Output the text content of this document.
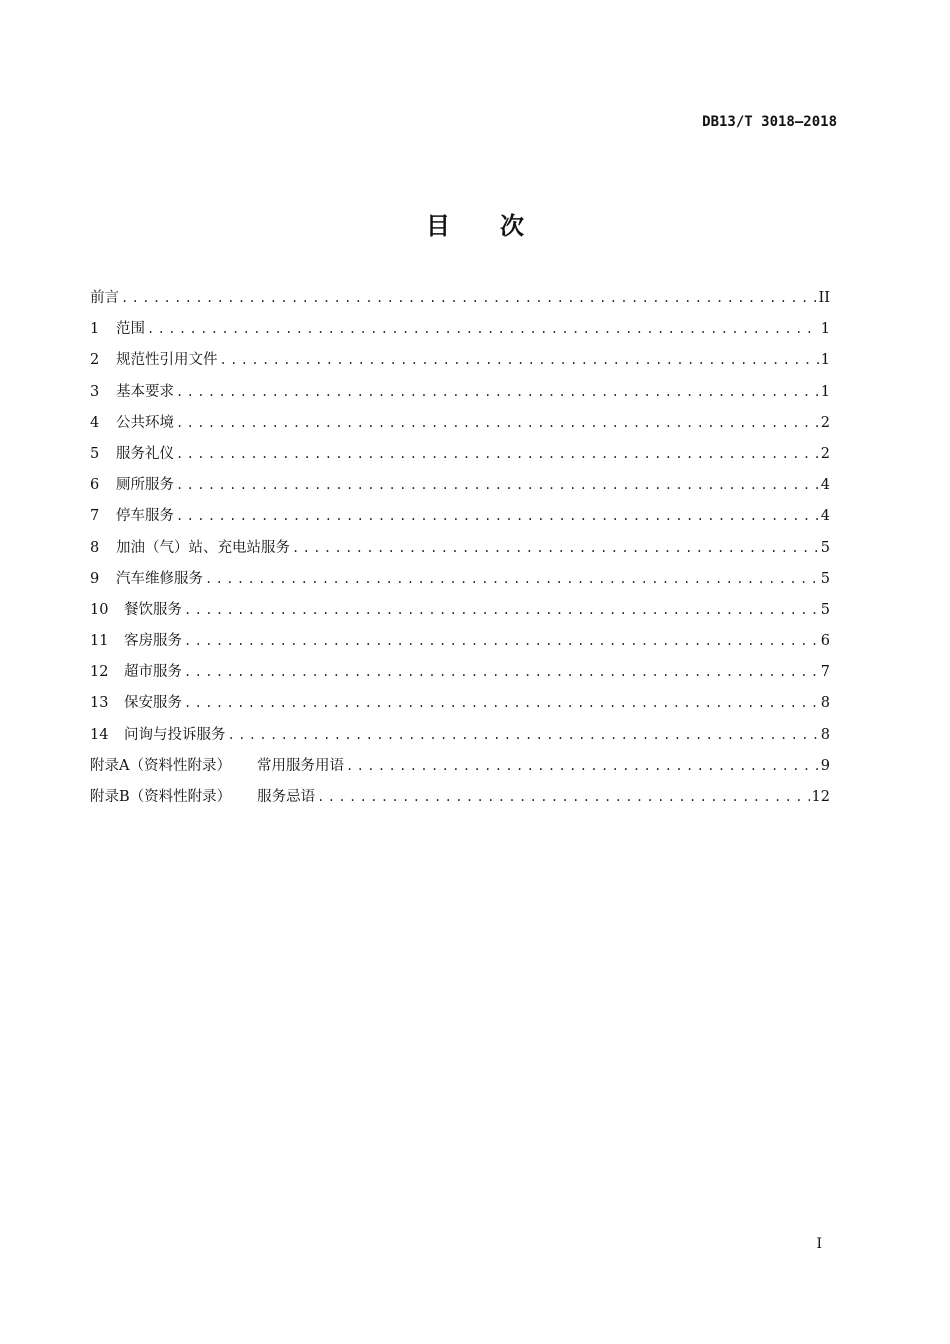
DB13/T 3018—2018
目 次
前言 .....	II
1	范围 .....	1
2	规范性引用文件 .....	1
3	基本要求 .....	1
4	公共环境 .....	2
5	服务礼仪 .....	2
6	厕所服务 .....	4
7	停车服务 .....	4
8	加油（气）站、充电站服务 .....	5
9	汽车维修服务 .....	5
10	餐饮服务 .....	5
11	客房服务 .....	6
12	超市服务 .....	7
13	保安服务 .....	8
14	问询与投诉服务 .....	8
附录A（资料性附录） 常用服务用语 .....	9
附录B（资料性附录） 服务忌语 .....	12
I
